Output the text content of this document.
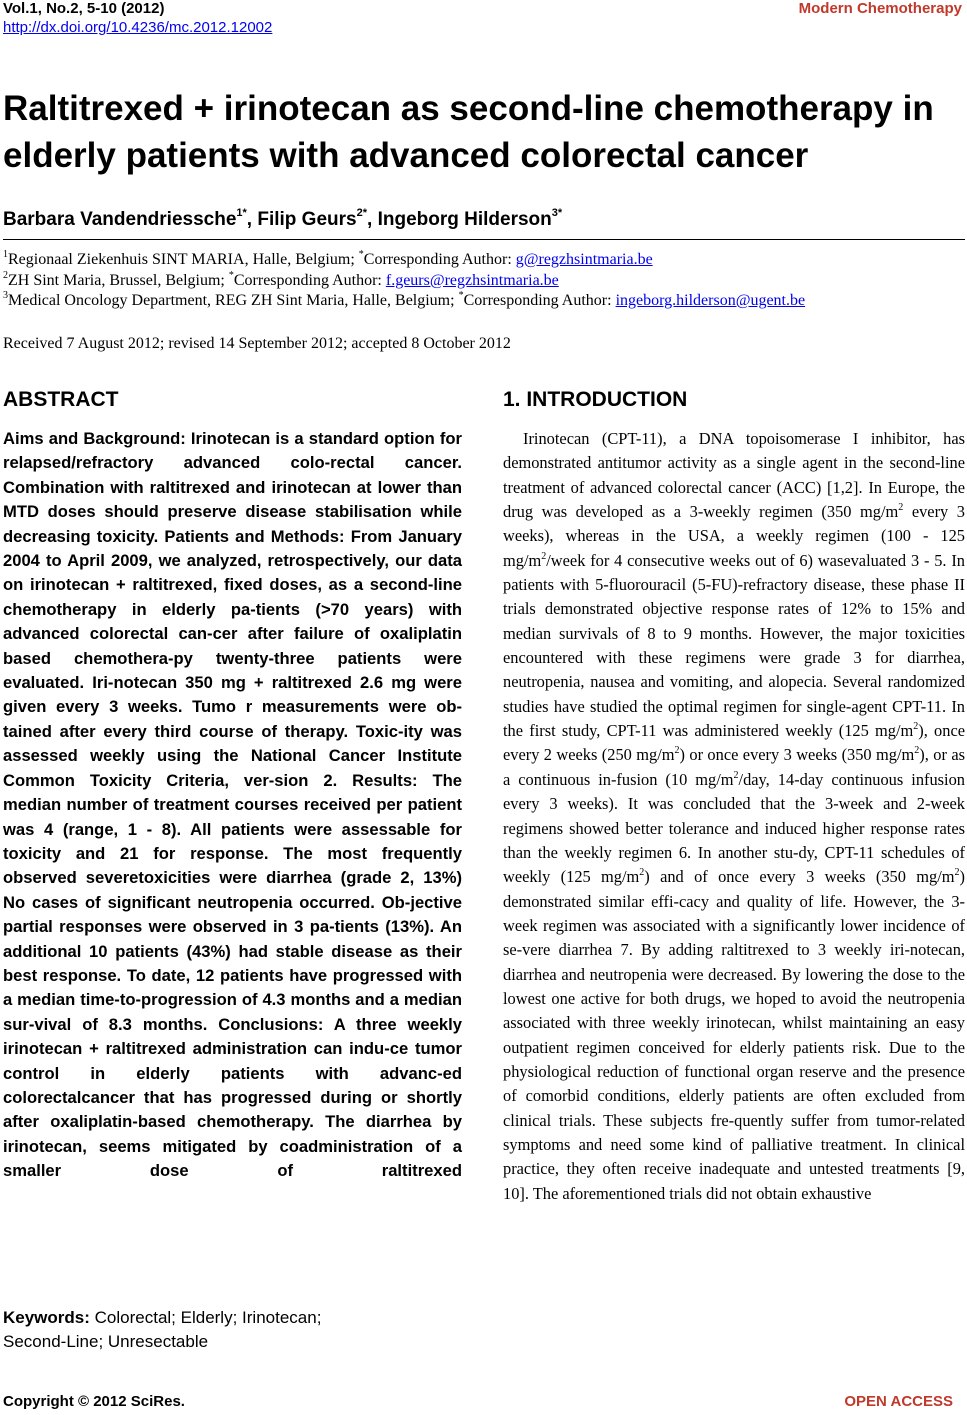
Vol.1, No.2, 5-10 (2012)
http://dx.doi.org/10.4236/mc.2012.12002
Modern Chemotherapy
Raltitrexed + irinotecan as second-line chemotherapy in elderly patients with advanced colorectal cancer
Barbara Vandendriessche$^{1*}$, Filip Geurs$^{2*}$, Ingeborg Hilderson$^{3*}$
$^1$Regionaal Ziekenhuis SINT MARIA, Halle, Belgium; *Corresponding Author: g@regzhsintmaria.be
$^2$ZH Sint Maria, Brussel, Belgium; *Corresponding Author: f.geurs@regzhsintmaria.be
$^3$Medical Oncology Department, REG ZH Sint Maria, Halle, Belgium; *Corresponding Author: ingeborg.hilderson@ugent.be
Received 7 August 2012; revised 14 September 2012; accepted 8 October 2012
ABSTRACT
Aims and Background: Irinotecan is a standard option for relapsed/refractory advanced colo-rectal cancer. Combination with raltitrexed and irinotecan at lower than MTD doses should preserve disease stabilisation while decreasing toxicity. Patients and Methods: From January 2004 to April 2009, we analyzed, retrospectively, our data on irinotecan + raltitrexed, fixed doses, as a second-line chemotherapy in elderly pa-tients (>70 years) with advanced colorectal can-cer after failure of oxaliplatin based chemothera-py twenty-three patients were evaluated. Iri-notecan 350 mg + raltitrexed 2.6 mg were given every 3 weeks. Tumo r measurements were ob-tained after every third course of therapy. Toxic-ity was assessed weekly using the National Cancer Institute Common Toxicity Criteria, ver-sion 2. Results: The median number of treatment courses received per patient was 4 (range, 1 - 8). All patients were assessable for toxicity and 21 for response. The most frequently observed severetoxicities were diarrhea (grade 2, 13%) No cases of significant neutropenia occurred. Ob-jective partial responses were observed in 3 pa-tients (13%). An additional 10 patients (43%) had stable disease as their best response. To date, 12 patients have progressed with a median time-to-progression of 4.3 months and a median sur-vival of 8.3 months. Conclusions: A three weekly irinotecan + raltitrexed administration can indu-ce tumor control in elderly patients with advanc-ed colorectalcancer that has progressed during or shortly after oxaliplatin-based chemotherapy. The diarrhea by irinotecan, seems mitigated by coadministration of a smaller dose of raltitrexed
Keywords: Colorectal; Elderly; Irinotecan;
Second-Line; Unresectable
1. INTRODUCTION
Irinotecan (CPT-11), a DNA topoisomerase I inhibitor, has demonstrated antitumor activity as a single agent in the second-line treatment of advanced colorectal cancer (ACC) [1,2]. In Europe, the drug was developed as a 3-weekly regimen (350 $mg/m^2$ every 3 weeks), whereas in the USA, a weekly regimen (100 - 125 $mg/m^2$/week for 4 consecutive weeks out of 6) wasevaluated 3 - 5. In patients with 5-fluorouracil (5-FU)-refractory disease, these phase II trials demonstrated objective response rates of 12% to 15% and median survivals of 8 to 9 months. However, the major toxicities encountered with these regimens were grade 3 for diarrhea, neutropenia, nausea and vomiting, and alopecia. Several randomized studies have studied the optimal regimen for single-agent CPT-11. In the first study, CPT-11 was administered weekly (125 $mg/m^2$), once every 2 weeks (250 $mg/m^2$) or once every 3 weeks (350 $mg/m^2$), or as a continuous in-fusion (10 $mg/m^2$/day, 14-day continuous infusion every 3 weeks). It was concluded that the 3-week and 2-week regimens showed better tolerance and induced higher response rates than the weekly regimen 6. In another stu-dy, CPT-11 schedules of weekly (125 $mg/m^2$) and of once every 3 weeks (350 $mg/m^2$) demonstrated similar effi-cacy and quality of life. However, the 3-week regimen was associated with a significantly lower incidence of se-vere diarrhea 7. By adding raltitrexed to 3 weekly iri-notecan, diarrhea and neutropenia were decreased. By lowering the dose to the lowest one active for both drugs, we hoped to avoid the neutropenia associated with three weekly irinotecan, whilst maintaining an easy outpatient regimen conceived for elderly patients risk. Due to the physiological reduction of functional organ reserve and the presence of comorbid conditions, elderly patients are often excluded from clinical trials. These subjects fre-quently suffer from tumor-related symptoms and need some kind of palliative treatment. In clinical practice, they often receive inadequate and untested treatments [9, 10]. The aforementioned trials did not obtain exhaustive
Copyright © 2012 SciRes.	OPEN ACCESS
